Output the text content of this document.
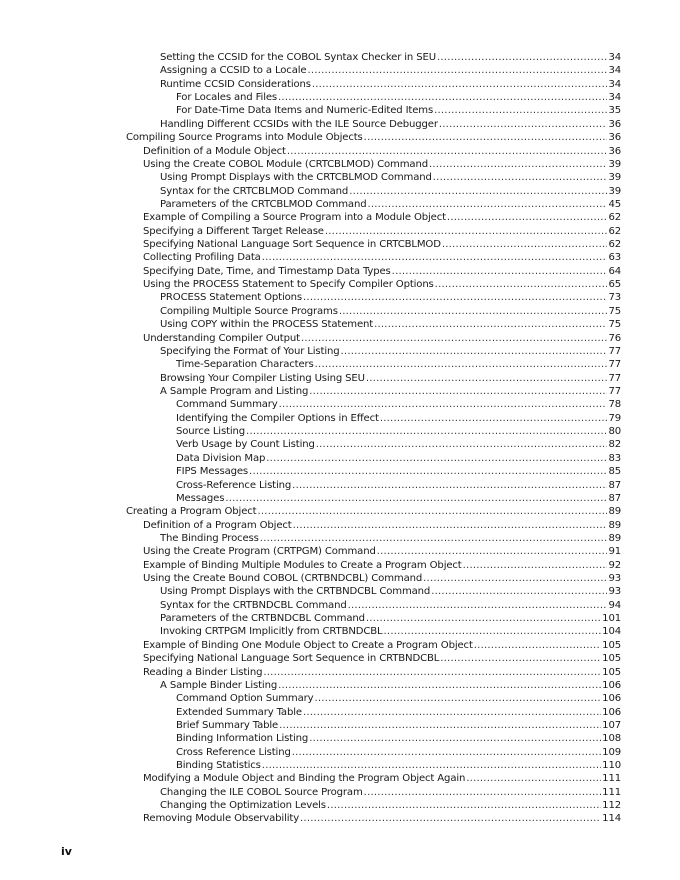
Setting the CCSID for the COBOL Syntax Checker in SEU .....	34
Assigning a CCSID to a Locale .....	34
Runtime CCSID Considerations .....	34
For Locales and Files .....	34
For Date-Time Data Items and Numeric-Edited Items .....	35
Handling Different CCSIDs with the ILE Source Debugger .....	36
Compiling Source Programs into Module Objects .....	36
Definition of a Module Object .....	36
Using the Create COBOL Module (CRTCBLMOD) Command .....	39
Using Prompt Displays with the CRTCBLMOD Command .....	39
Syntax for the CRTCBLMOD Command .....	39
Parameters of the CRTCBLMOD Command .....	45
Example of Compiling a Source Program into a Module Object .....	62
Specifying a Different Target Release .....	62
Specifying National Language Sort Sequence in CRTCBLMOD .....	62
Collecting Profiling Data .....	63
Specifying Date, Time, and Timestamp Data Types .....	64
Using the PROCESS Statement to Specify Compiler Options .....	65
PROCESS Statement Options .....	73
Compiling Multiple Source Programs .....	75
Using COPY within the PROCESS Statement .....	75
Understanding Compiler Output .....	76
Specifying the Format of Your Listing .....	77
Time-Separation Characters .....	77
Browsing Your Compiler Listing Using SEU .....	77
A Sample Program and Listing .....	77
Command Summary .....	78
Identifying the Compiler Options in Effect .....	79
Source Listing .....	80
Verb Usage by Count Listing .....	82
Data Division Map .....	83
FIPS Messages .....	85
Cross-Reference Listing .....	87
Messages .....	87
Creating a Program Object .....	89
Definition of a Program Object .....	89
The Binding Process .....	89
Using the Create Program (CRTPGM) Command .....	91
Example of Binding Multiple Modules to Create a Program Object .....	92
Using the Create Bound COBOL (CRTBNDCBL) Command .....	93
Using Prompt Displays with the CRTBNDCBL Command .....	93
Syntax for the CRTBNDCBL Command .....	94
Parameters of the CRTBNDCBL Command .....	101
Invoking CRTPGM Implicitly from CRTBNDCBL .....	104
Example of Binding One Module Object to Create a Program Object .....	105
Specifying National Language Sort Sequence in CRTBNDCBL .....	105
Reading a Binder Listing .....	105
A Sample Binder Listing .....	106
Command Option Summary .....	106
Extended Summary Table .....	106
Brief Summary Table .....	107
Binding Information Listing .....	108
Cross Reference Listing .....	109
Binding Statistics .....	110
Modifying a Module Object and Binding the Program Object Again .....	111
Changing the ILE COBOL Source Program .....	111
Changing the Optimization Levels .....	112
Removing Module Observability .....	114
iv
